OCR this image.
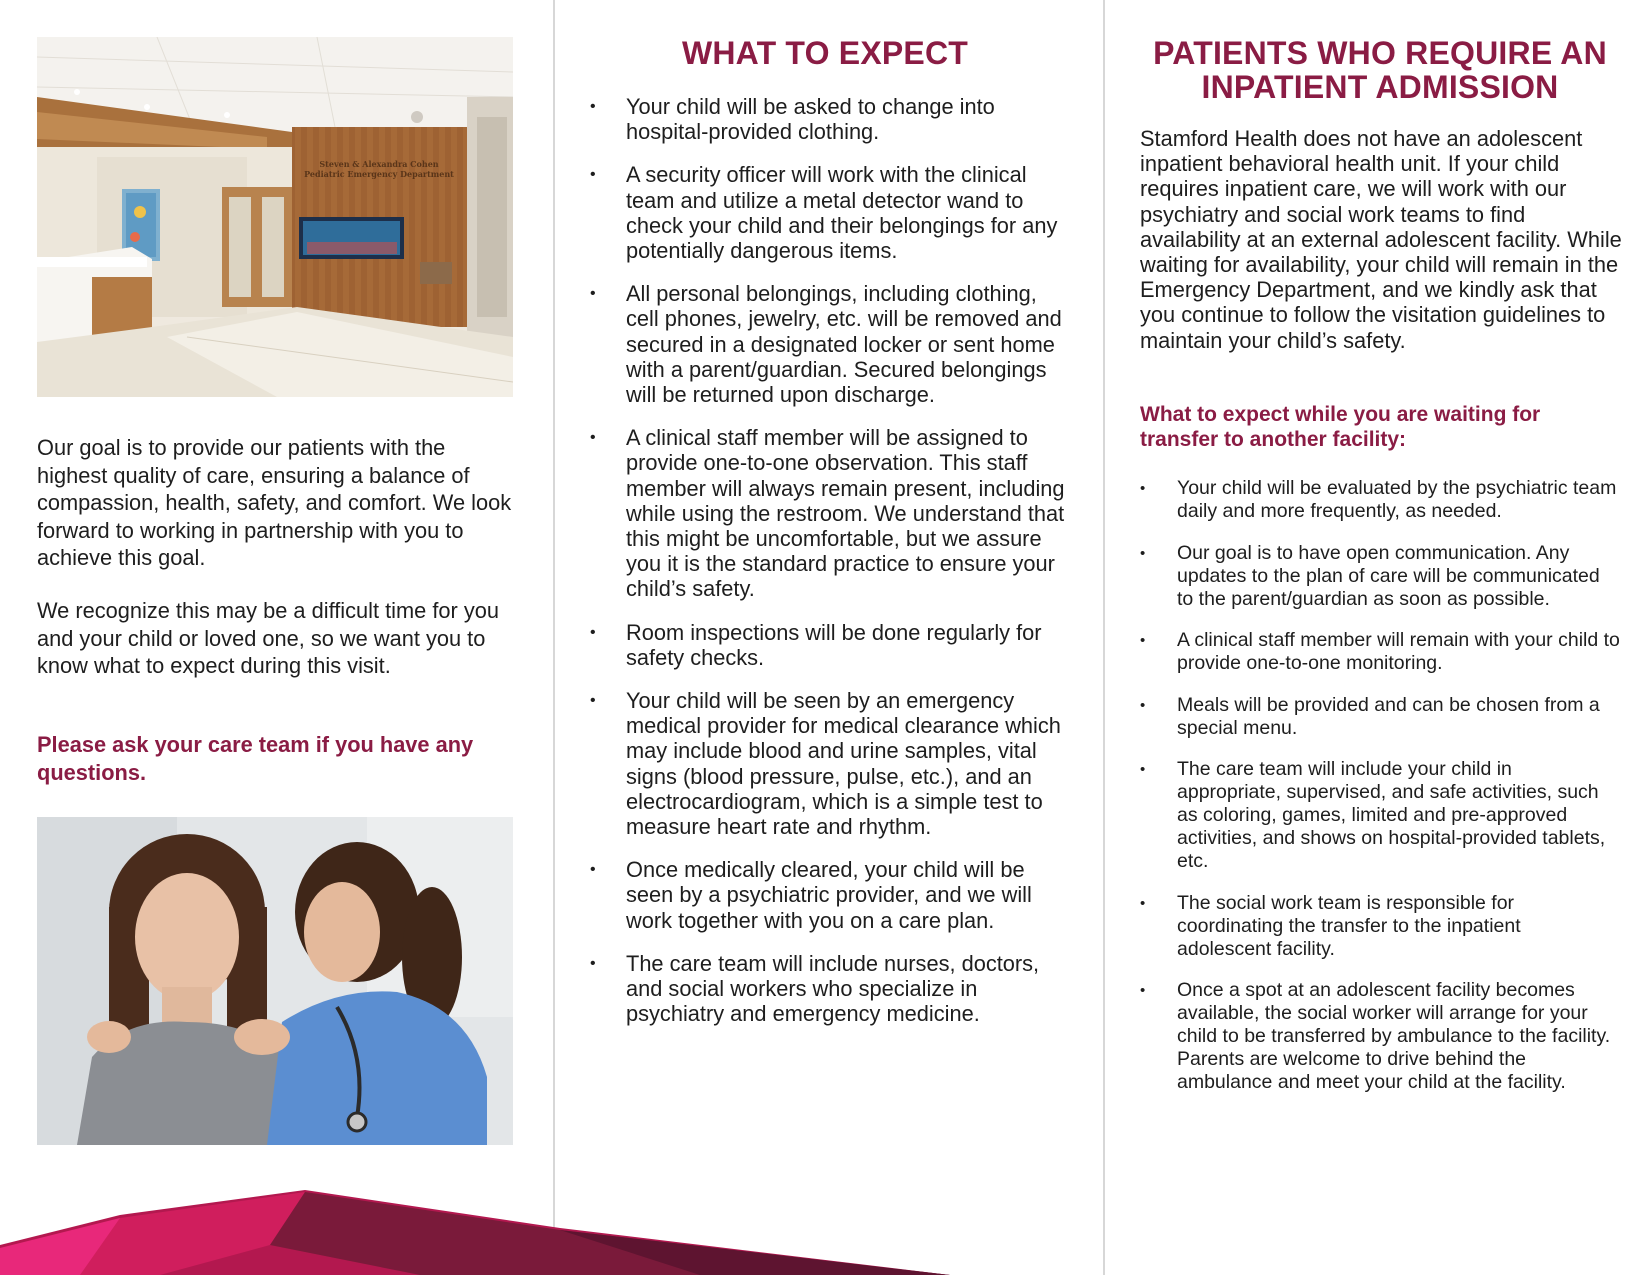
Steven & Alexandra Cohen
Pediatric Emergency Department

Our goal is to provide our patients with the highest quality of care, ensuring a balance of compassion, health, safety, and comfort. We look forward to working in partnership with you to achieve this goal.

We recognize this may be a difficult time for you and your child or loved one, so we want you to know what to expect during this visit.

Please ask your care team if you have any questions.

WHAT TO EXPECT
• Your child will be asked to change into hospital-provided clothing.
• A security officer will work with the clinical team and utilize a metal detector wand to check your child and their belongings for any potentially dangerous items.
• All personal belongings, including clothing, cell phones, jewelry, etc. will be removed and secured in a designated locker or sent home with a parent/guardian. Secured belongings will be returned upon discharge.
• A clinical staff member will be assigned to provide one-to-one observation. This staff member will always remain present, including while using the restroom. We understand that this might be uncomfortable, but we assure you it is the standard practice to ensure your child’s safety.
• Room inspections will be done regularly for safety checks.
• Your child will be seen by an emergency medical provider for medical clearance which may include blood and urine samples, vital signs (blood pressure, pulse, etc.), and an electrocardiogram, which is a simple test to measure heart rate and rhythm.
• Once medically cleared, your child will be seen by a psychiatric provider, and we will work together with you on a care plan.
• The care team will include nurses, doctors, and social workers who specialize in psychiatry and emergency medicine.
PATIENTS WHO REQUIRE AN INPATIENT ADMISSION

Stamford Health does not have an adolescent inpatient behavioral health unit. If your child requires inpatient care, we will work with our psychiatry and social work teams to find availability at an external adolescent facility. While waiting for availability, your child will remain in the Emergency Department, and we kindly ask that you continue to follow the visitation guidelines to maintain your child’s safety.

What to expect while you are waiting for transfer to another facility:

• Your child will be evaluated by the psychiatric team daily and more frequently, as needed.
• Our goal is to have open communication. Any updates to the plan of care will be communicated to the parent/guardian as soon as possible.
• A clinical staff member will remain with your child to provide one-to-one monitoring.
• Meals will be provided and can be chosen from a special menu.
• The care team will include your child in appropriate, supervised, and safe activities, such as coloring, games, limited and pre-approved activities, and shows on hospital-provided tablets, etc.
• The social work team is responsible for coordinating the transfer to the inpatient adolescent facility.
• Once a spot at an adolescent facility becomes available, the social worker will arrange for your child to be transferred by ambulance to the facility. Parents are welcome to drive behind the ambulance and meet your child at the facility.
